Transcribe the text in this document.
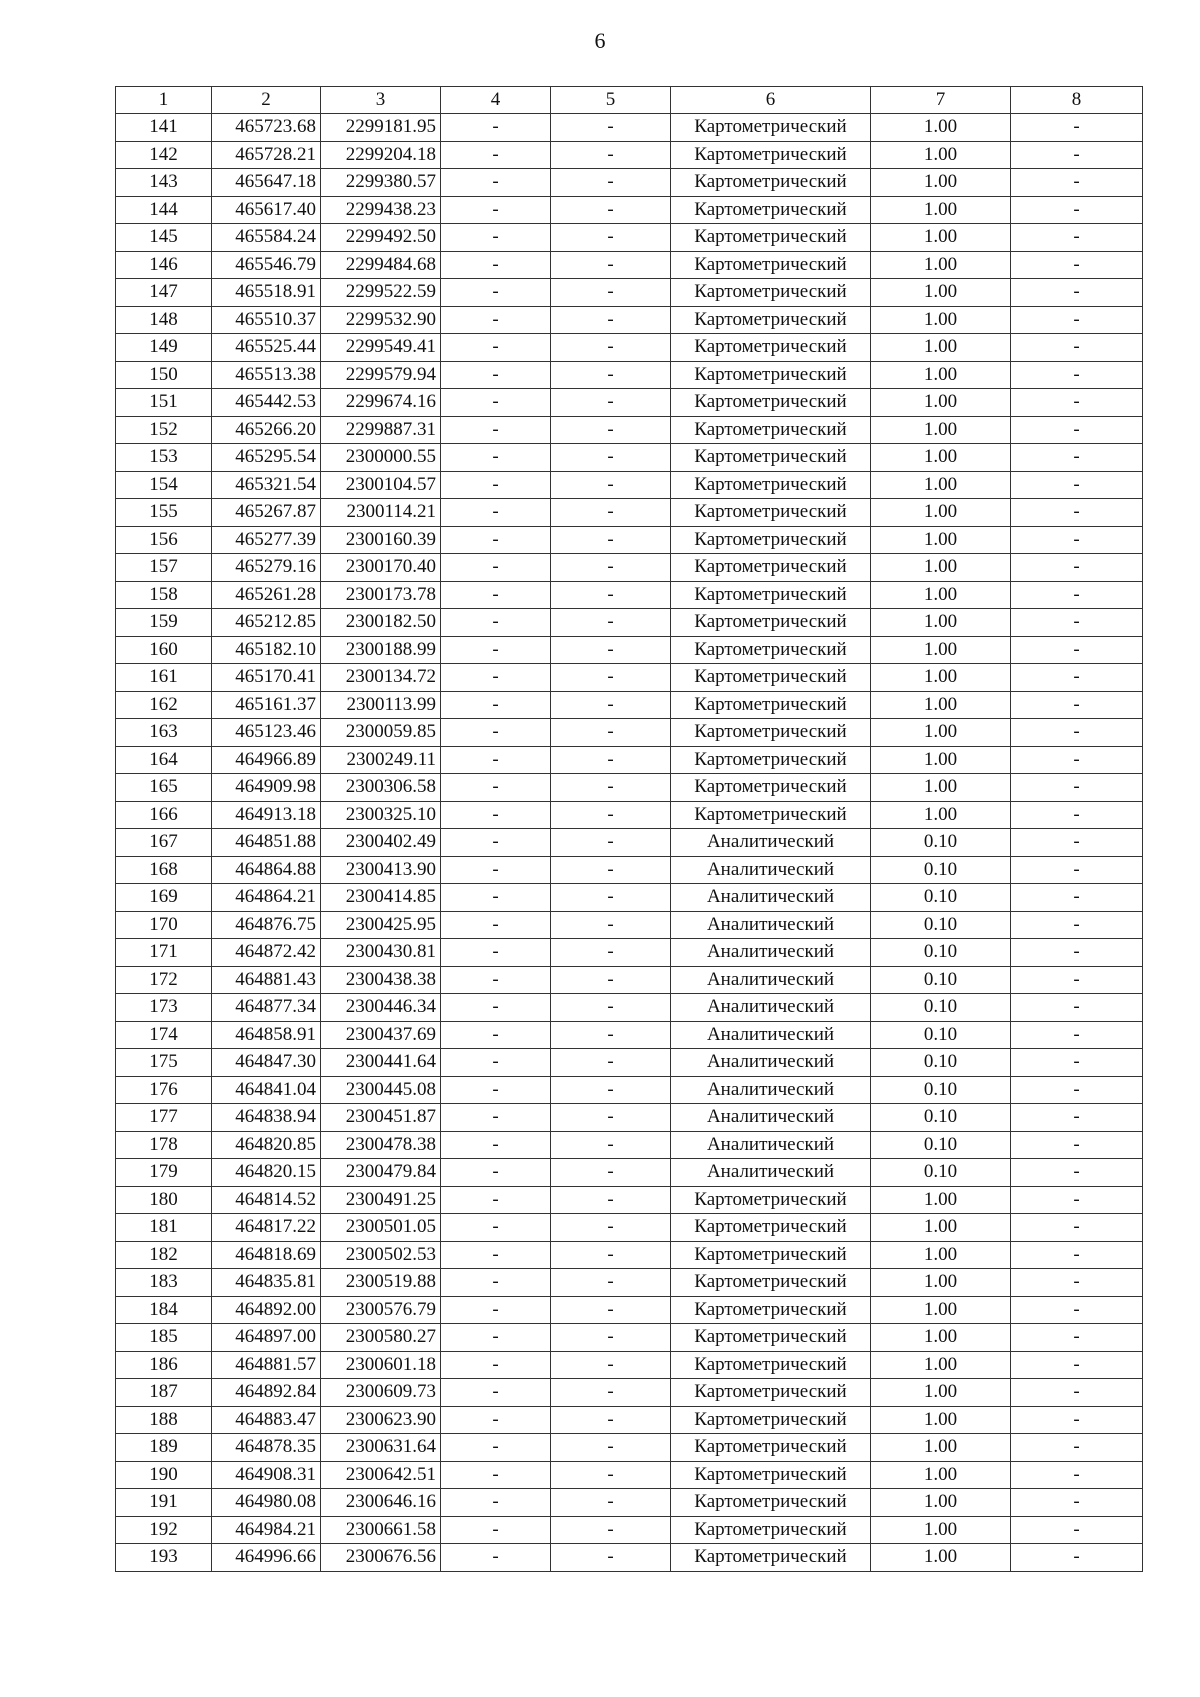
6
1	2	3	4	5	6	7	8
141	465723.68	2299181.95	-	-	Картометрический	1.00	-
142	465728.21	2299204.18	-	-	Картометрический	1.00	-
143	465647.18	2299380.57	-	-	Картометрический	1.00	-
144	465617.40	2299438.23	-	-	Картометрический	1.00	-
145	465584.24	2299492.50	-	-	Картометрический	1.00	-
146	465546.79	2299484.68	-	-	Картометрический	1.00	-
147	465518.91	2299522.59	-	-	Картометрический	1.00	-
148	465510.37	2299532.90	-	-	Картометрический	1.00	-
149	465525.44	2299549.41	-	-	Картометрический	1.00	-
150	465513.38	2299579.94	-	-	Картометрический	1.00	-
151	465442.53	2299674.16	-	-	Картометрический	1.00	-
152	465266.20	2299887.31	-	-	Картометрический	1.00	-
153	465295.54	2300000.55	-	-	Картометрический	1.00	-
154	465321.54	2300104.57	-	-	Картометрический	1.00	-
155	465267.87	2300114.21	-	-	Картометрический	1.00	-
156	465277.39	2300160.39	-	-	Картометрический	1.00	-
157	465279.16	2300170.40	-	-	Картометрический	1.00	-
158	465261.28	2300173.78	-	-	Картометрический	1.00	-
159	465212.85	2300182.50	-	-	Картометрический	1.00	-
160	465182.10	2300188.99	-	-	Картометрический	1.00	-
161	465170.41	2300134.72	-	-	Картометрический	1.00	-
162	465161.37	2300113.99	-	-	Картометрический	1.00	-
163	465123.46	2300059.85	-	-	Картометрический	1.00	-
164	464966.89	2300249.11	-	-	Картометрический	1.00	-
165	464909.98	2300306.58	-	-	Картометрический	1.00	-
166	464913.18	2300325.10	-	-	Картометрический	1.00	-
167	464851.88	2300402.49	-	-	Аналитический	0.10	-
168	464864.88	2300413.90	-	-	Аналитический	0.10	-
169	464864.21	2300414.85	-	-	Аналитический	0.10	-
170	464876.75	2300425.95	-	-	Аналитический	0.10	-
171	464872.42	2300430.81	-	-	Аналитический	0.10	-
172	464881.43	2300438.38	-	-	Аналитический	0.10	-
173	464877.34	2300446.34	-	-	Аналитический	0.10	-
174	464858.91	2300437.69	-	-	Аналитический	0.10	-
175	464847.30	2300441.64	-	-	Аналитический	0.10	-
176	464841.04	2300445.08	-	-	Аналитический	0.10	-
177	464838.94	2300451.87	-	-	Аналитический	0.10	-
178	464820.85	2300478.38	-	-	Аналитический	0.10	-
179	464820.15	2300479.84	-	-	Аналитический	0.10	-
180	464814.52	2300491.25	-	-	Картометрический	1.00	-
181	464817.22	2300501.05	-	-	Картометрический	1.00	-
182	464818.69	2300502.53	-	-	Картометрический	1.00	-
183	464835.81	2300519.88	-	-	Картометрический	1.00	-
184	464892.00	2300576.79	-	-	Картометрический	1.00	-
185	464897.00	2300580.27	-	-	Картометрический	1.00	-
186	464881.57	2300601.18	-	-	Картометрический	1.00	-
187	464892.84	2300609.73	-	-	Картометрический	1.00	-
188	464883.47	2300623.90	-	-	Картометрический	1.00	-
189	464878.35	2300631.64	-	-	Картометрический	1.00	-
190	464908.31	2300642.51	-	-	Картометрический	1.00	-
191	464980.08	2300646.16	-	-	Картометрический	1.00	-
192	464984.21	2300661.58	-	-	Картометрический	1.00	-
193	464996.66	2300676.56	-	-	Картометрический	1.00	-
